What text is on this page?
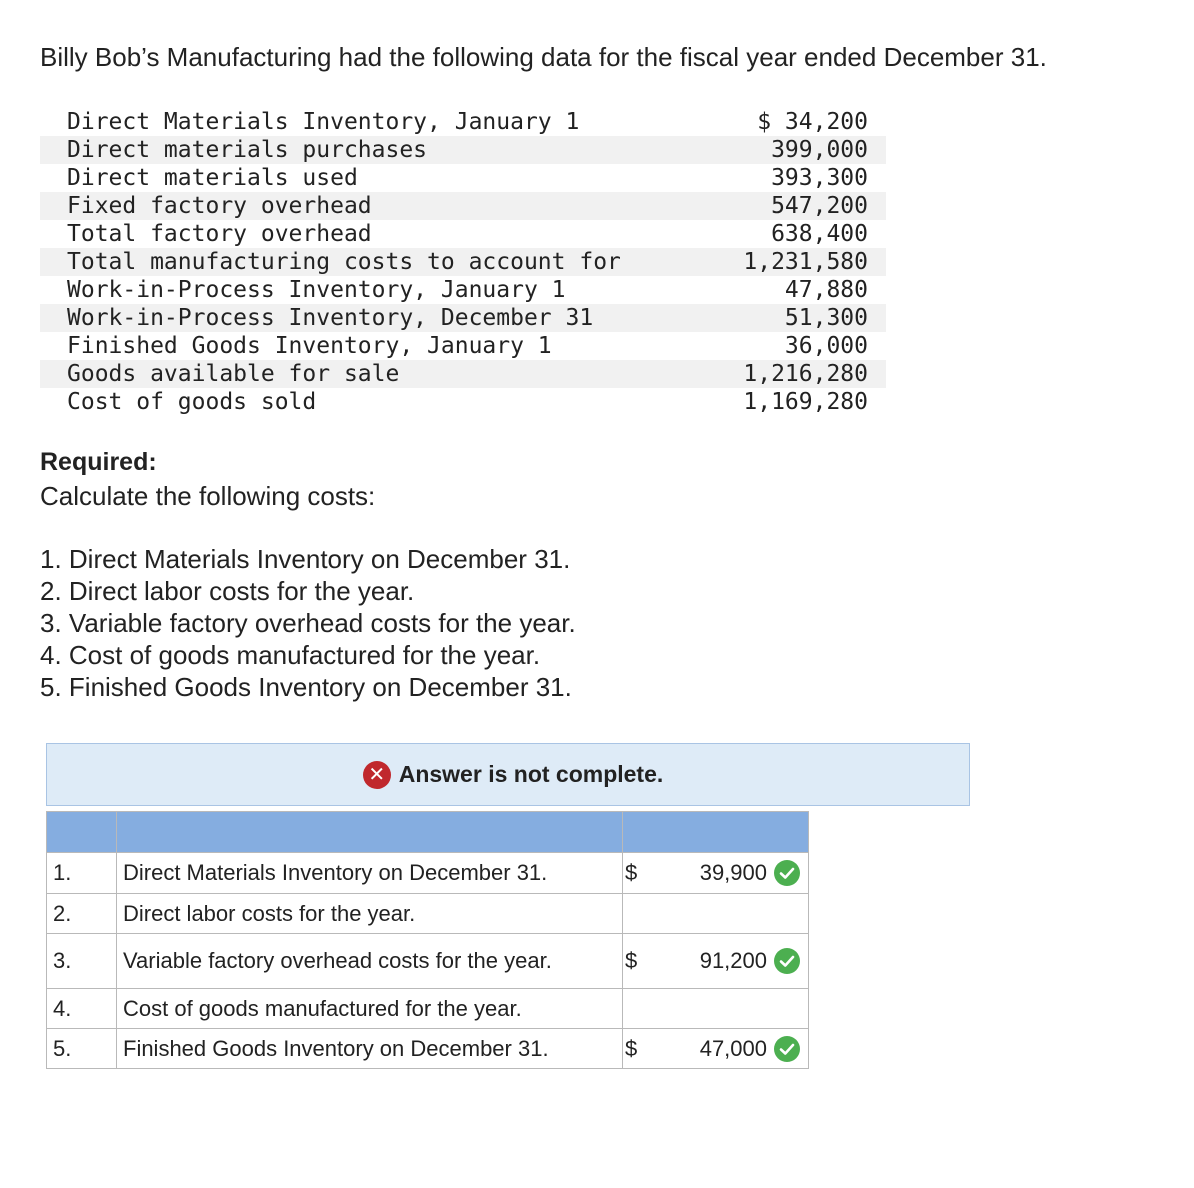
Billy Bob’s Manufacturing had the following data for the fiscal year ended December 31.

Direct Materials Inventory, January 1	$ 34,200
Direct materials purchases	399,000
Direct materials used	393,300
Fixed factory overhead	547,200
Total factory overhead	638,400
Total manufacturing costs to account for	1,231,580
Work-in-Process Inventory, January 1	47,880
Work-in-Process Inventory, December 31	51,300
Finished Goods Inventory, January 1	36,000
Goods available for sale	1,216,280
Cost of goods sold	1,169,280

Required:

Calculate the following costs:

1. Direct Materials Inventory on December 31.
2. Direct labor costs for the year.
3. Variable factory overhead costs for the year.
4. Cost of goods manufactured for the year.
5. Finished Goods Inventory on December 31.
✕ Answer is not complete.

1.	Direct Materials Inventory on December 31.	$ 39,900

2.	Direct labor costs for the year.	

3.	Variable factory overhead costs for the year.	$ 91,200

4.	Cost of goods manufactured for the year.	

5.	Finished Goods Inventory on December 31.	$ 47,000
